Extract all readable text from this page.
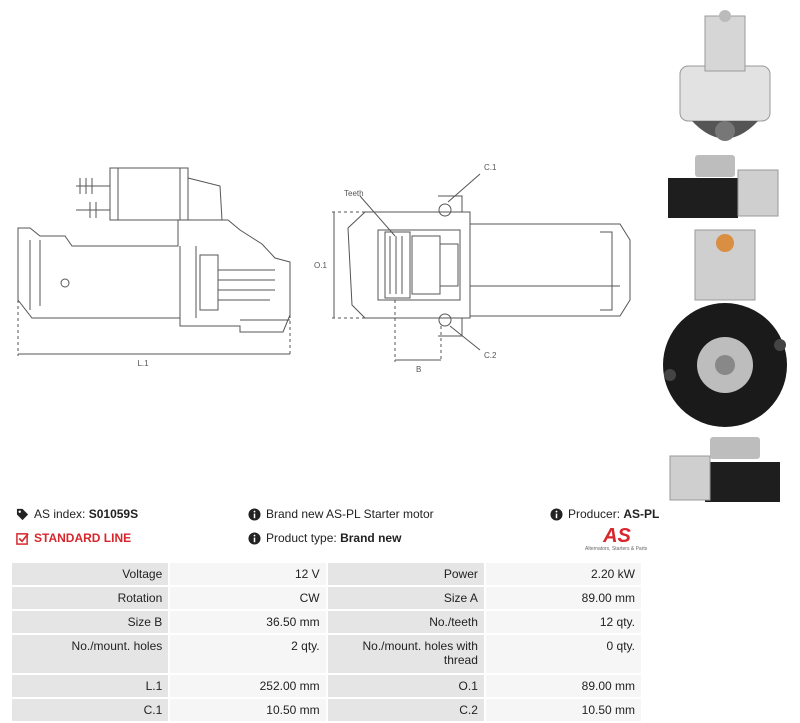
L.1
Teeth
C.1
C.2
O.1
B
AS index:
S01059S	Brand new AS-PL Starter motor	Producer:
AS-PL
STANDARD LINE	Product type:
Brand new	AS
Alternators, Starters & Parts
Voltage	12 V	Power	2.20 kW
Rotation	CW	Size A	89.00 mm
Size B	36.50 mm	No./teeth	12 qty.
No./mount. holes	2 qty.	No./mount. holes with thread	0 qty.
L.1	252.00 mm	O.1	89.00 mm
C.1	10.50 mm	C.2	10.50 mm
